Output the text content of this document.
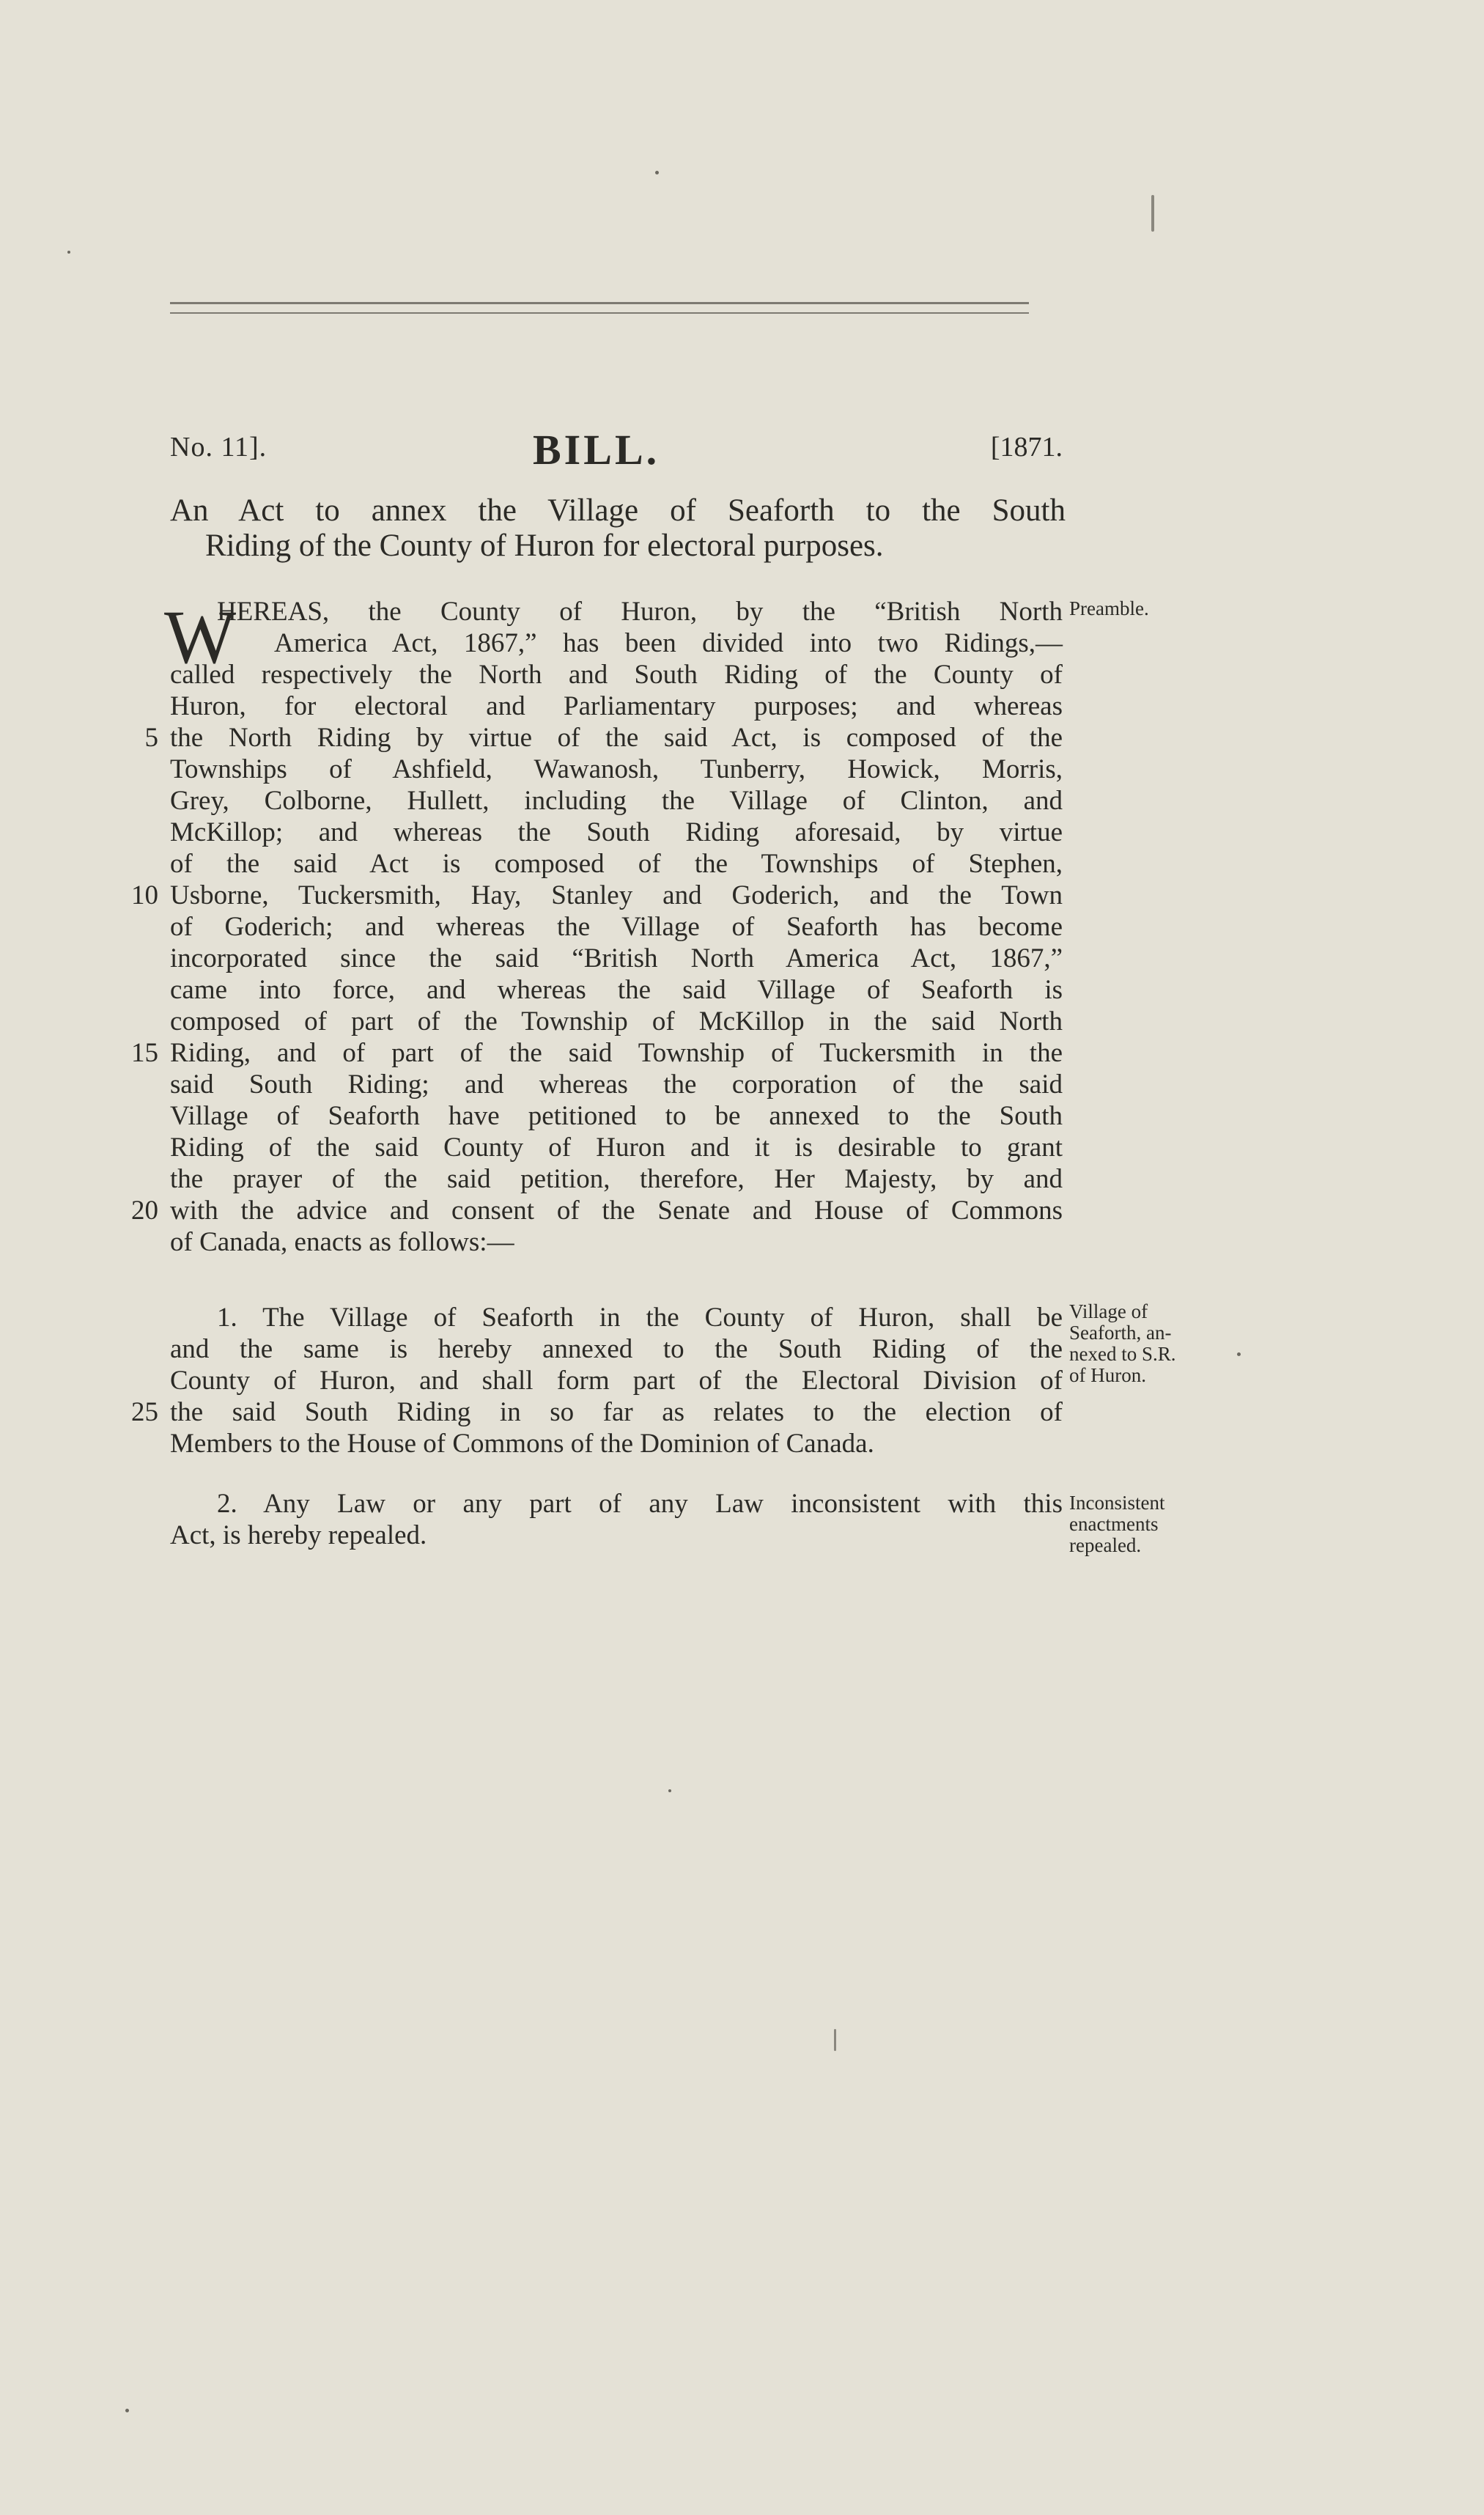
No. 11].	BILL.	[1871.
An Act to annex the Village of Seaforth to the South
Riding of the County of Huron for electoral purposes.
W
HEREAS, the County of Huron, by the “British North
America Act, 1867,” has been divided into two Ridings,—
called respectively the North and South Riding of the County of
Huron, for electoral and Parliamentary purposes; and whereas
5 the North Riding by virtue of the said Act, is composed of the
Townships of Ashfield, Wawanosh, Tunberry, Howick, Morris,
Grey, Colborne, Hullett, including the Village of Clinton, and
McKillop; and whereas the South Riding aforesaid, by virtue
of the said Act is composed of the Townships of Stephen,
10 Usborne, Tuckersmith, Hay, Stanley and Goderich, and the Town
of Goderich; and whereas the Village of Seaforth has become
incorporated since the said “British North America Act, 1867,”
came into force, and whereas the said Village of Seaforth is
composed of part of the Township of McKillop in the said North
15 Riding, and of part of the said Township of Tuckersmith in the
said South Riding; and whereas the corporation of the said
Village of Seaforth have petitioned to be annexed to the South
Riding of the said County of Huron and it is desirable to grant
the prayer of the said petition, therefore, Her Majesty, by and
20 with the advice and consent of the Senate and House of Commons
of Canada, enacts as follows:—
1. The Village of Seaforth in the County of Huron, shall be
and the same is hereby annexed to the South Riding of the
County of Huron, and shall form part of the Electoral Division of
25 the said South Riding in so far as relates to the election of
Members to the House of Commons of the Dominion of Canada.
2. Any Law or any part of any Law inconsistent with this
Act, is hereby repealed.
Preamble.
Village of
Seaforth, an-
nexed to S.R.
of Huron.
Inconsistent
enactments
repealed.
